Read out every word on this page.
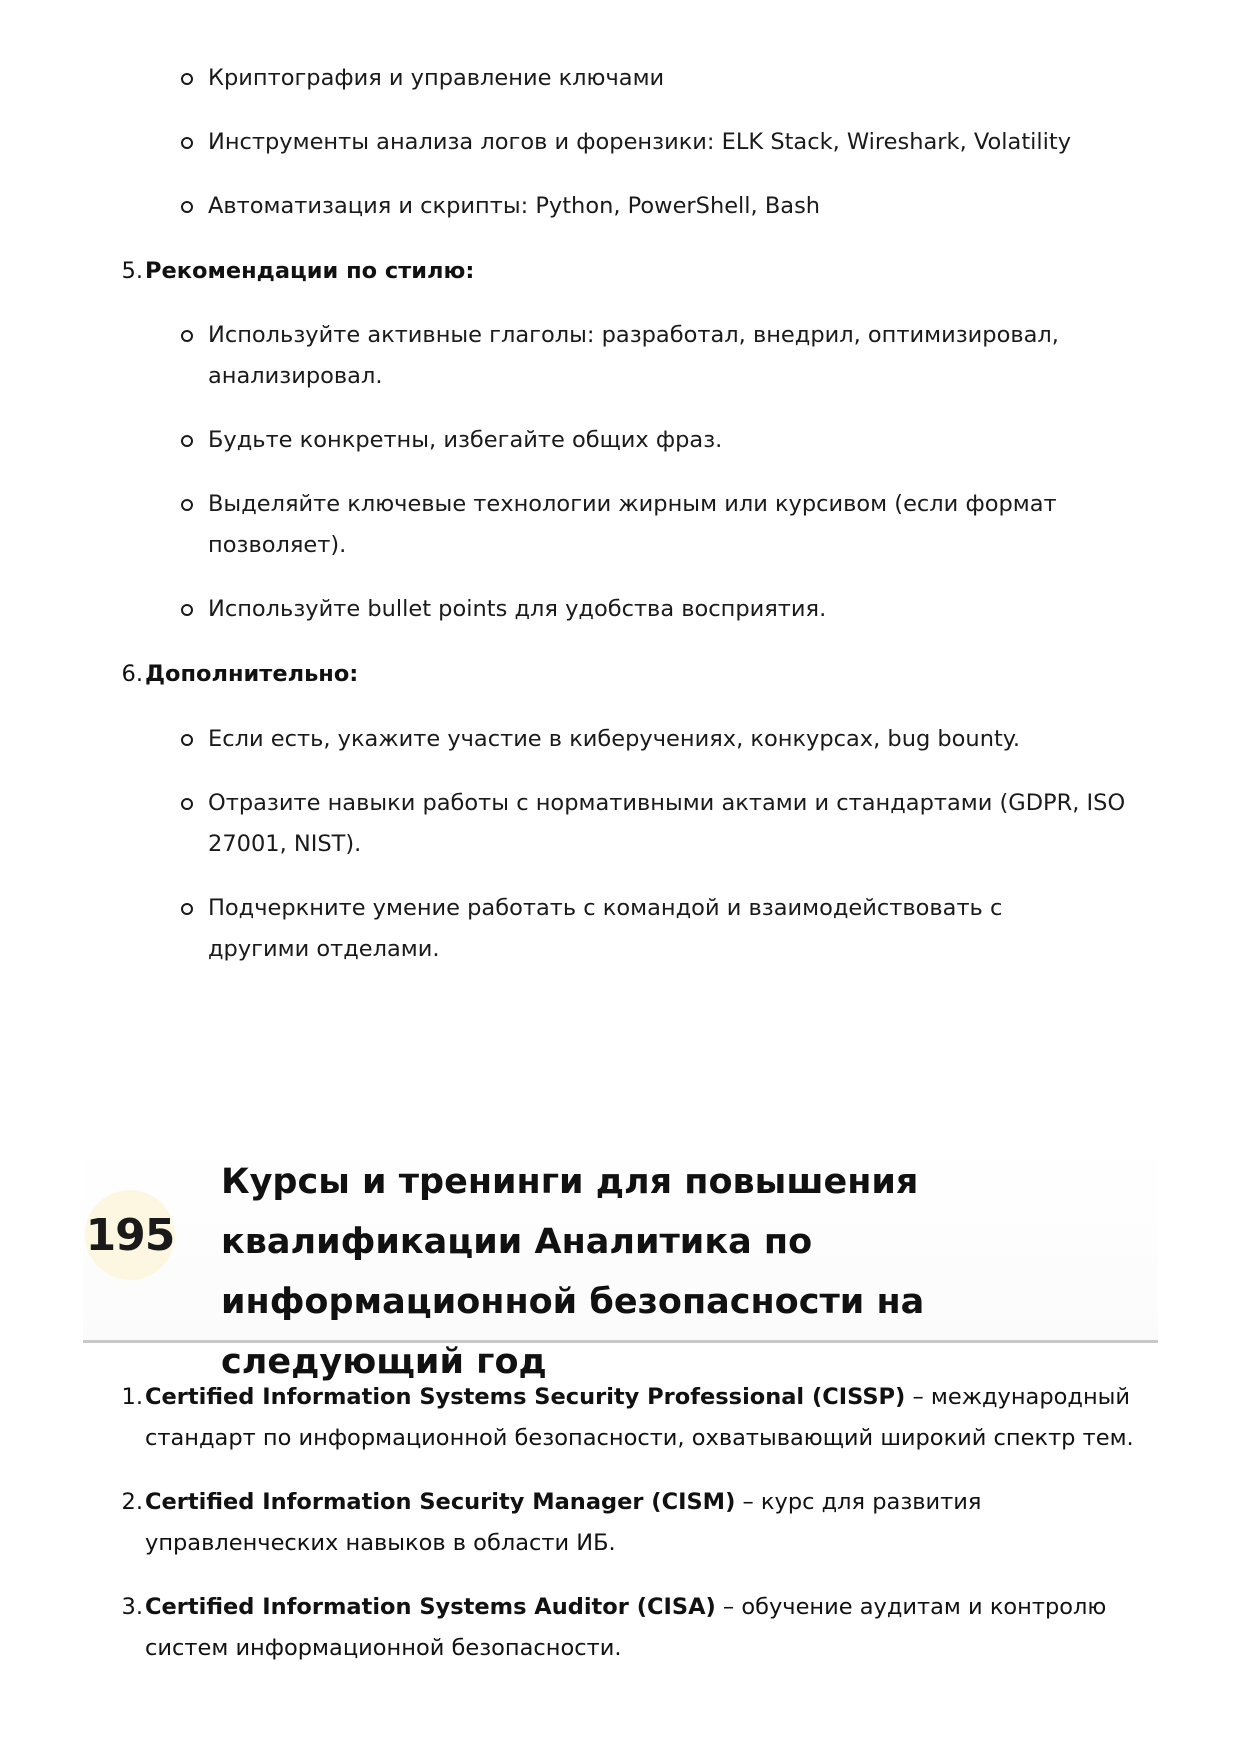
Криптография и управление ключами
Инструменты анализа логов и форензики: ELK Stack, Wireshark, Volatility
Автоматизация и скрипты: Python, PowerShell, Bash
5. Рекомендации по стилю:
Используйте активные глаголы: разработал, внедрил, оптимизировал, анализировал.
Будьте конкретны, избегайте общих фраз.
Выделяйте ключевые технологии жирным или курсивом (если формат позволяет).
Используйте bullet points для удобства восприятия.
6. Дополнительно:
Если есть, укажите участие в киберучениях, конкурсах, bug bounty.
Отразите навыки работы с нормативными актами и стандартами (GDPR, ISO 27001, NIST).
Подчеркните умение работать с командой и взаимодействовать с другими отделами.
195
Курсы и тренинги для повышения квалификации Аналитика по информационной безопасности на следующий год
1. Certified Information Systems Security Professional (CISSP) – международный стандарт по информационной безопасности, охватывающий широкий спектр тем.
2. Certified Information Security Manager (CISM) – курс для развития управленческих навыков в области ИБ.
3. Certified Information Systems Auditor (CISA) – обучение аудитам и контролю систем информационной безопасности.
